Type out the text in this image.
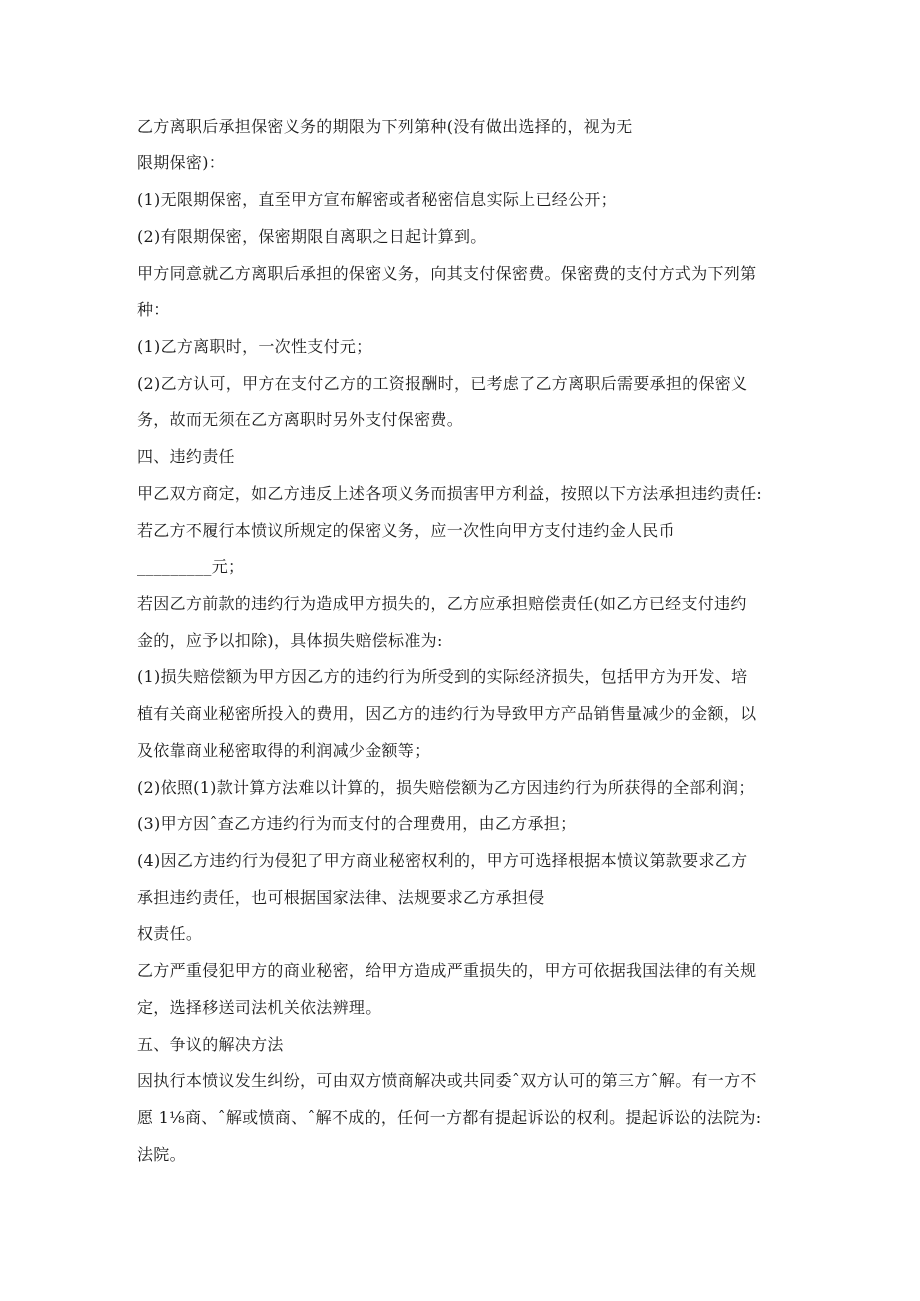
乙方离职后承担保密义务的期限为下列第种(没有做出选择的，视为无
限期保密)：
(1)无限期保密，直至甲方宣布解密或者秘密信息实际上已经公开；
(2)有限期保密，保密期限自离职之日起计算到。
甲方同意就乙方离职后承担的保密义务，向其支付保密费。保密费的支付方式为下列第
种：
(1)乙方离职时，一次性支付元；
(2)乙方认可，甲方在支付乙方的工资报酬时，已考虑了乙方离职后需要承担的保密义
务，故而无须在乙方离职时另外支付保密费。
四、违约责任
甲乙双方商定，如乙方违反上述各项义务而损害甲方利益，按照以下方法承担违约责任:
若乙方不履行本愤议所规定的保密义务，应一次性向甲方支付违约金人民币
_________元；
若因乙方前款的违约行为造成甲方损失的，乙方应承担赔偿责任(如乙方已经支付违约
金的，应予以扣除)，具体损失赔偿标准为:
(1)损失赔偿额为甲方因乙方的违约行为所受到的实际经济损失，包括甲方为开发、培
植有关商业秘密所投入的费用，因乙方的违约行为导致甲方产品销售量减少的金额，以
及依靠商业秘密取得的利润减少金额等；
(2)依照(1)款计算方法难以计算的，损失赔偿额为乙方因违约行为所获得的全部利润；
(3)甲方因ˆ查乙方违约行为而支付的合理费用，由乙方承担；
(4)因乙方违约行为侵犯了甲方商业秘密权利的，甲方可选择根据本愤议第款要求乙方
承担违约责任，也可根据国家法律、法规要求乙方承担侵
权责任。
乙方严重侵犯甲方的商业秘密，给甲方造成严重损失的，甲方可依据我国法律的有关规
定，选择移送司法机关依法辨理。
五、争议的解决方法
因执行本愤议发生纠纷，可由双方愤商解决或共同委ˆ双方认可的第三方ˆ解。有一方不
愿 1⅛商、ˆ解或愤商、ˆ解不成的，任何一方都有提起诉讼的权利。提起诉讼的法院为:
法院。
